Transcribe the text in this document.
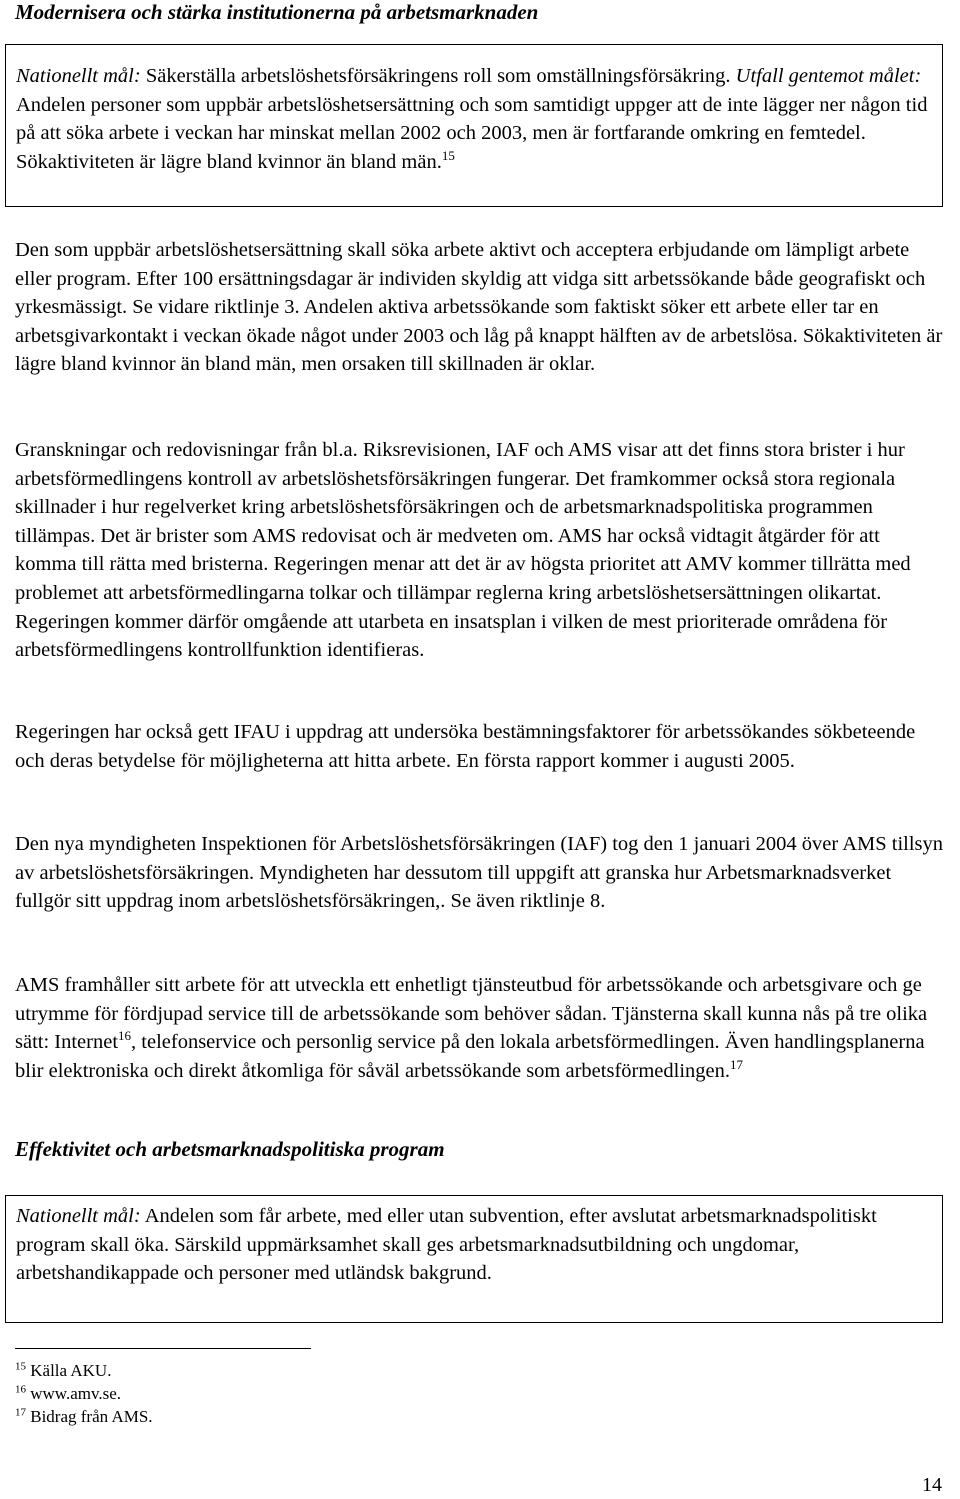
Modernisera och stärka institutionerna på arbetsmarknaden

Nationellt mål: Säkerställa arbetslöshetsförsäkringens roll som omställningsförsäkring. Utfall gentemot målet: Andelen personer som uppbär arbetslöshetsersättning och som samtidigt uppger att de inte lägger ner någon tid på att söka arbete i veckan har minskat mellan 2002 och 2003, men är fortfarande omkring en femtedel. Sökaktiviteten är lägre bland kvinnor än bland män.$^{15}$

Den som uppbär arbetslöshetsersättning skall söka arbete aktivt och acceptera erbjudande om lämpligt arbete eller program. Efter 100 ersättningsdagar är individen skyldig att vidga sitt arbetssökande både geografiskt och yrkesmässigt. Se vidare riktlinje 3. Andelen aktiva arbetssökande som faktiskt söker ett arbete eller tar en arbetsgivarkontakt i veckan ökade något under 2003 och låg på knappt hälften av de arbetslösa. Sökaktiviteten är lägre bland kvinnor än bland män, men orsaken till skillnaden är oklar.

Granskningar och redovisningar från bl.a. Riksrevisionen, IAF och AMS visar att det finns stora brister i hur arbetsförmedlingens kontroll av arbetslöshetsförsäkringen fungerar. Det framkommer också stora regionala skillnader i hur regelverket kring arbetslöshetsförsäkringen och de arbetsmarknadspolitiska programmen tillämpas. Det är brister som AMS redovisat och är medveten om. AMS har också vidtagit åtgärder för att komma till rätta med bristerna. Regeringen menar att det är av högsta prioritet att AMV kommer tillrätta med problemet att arbetsförmedlingarna tolkar och tillämpar reglerna kring arbetslöshetsersättningen olikartat. Regeringen kommer därför omgående att utarbeta en insatsplan i vilken de mest prioriterade områdena för arbetsförmedlingens kontrollfunktion identifieras.

Regeringen har också gett IFAU i uppdrag att undersöka bestämningsfaktorer för arbetssökandes sökbeteende och deras betydelse för möjligheterna att hitta arbete. En första rapport kommer i augusti 2005.

Den nya myndigheten Inspektionen för Arbetslöshetsförsäkringen (IAF) tog den 1 januari 2004 över AMS tillsyn av arbetslöshetsförsäkringen. Myndigheten har dessutom till uppgift att granska hur Arbetsmarknadsverket fullgör sitt uppdrag inom arbetslöshetsförsäkringen,. Se även riktlinje 8.

AMS framhåller sitt arbete för att utveckla ett enhetligt tjänsteutbud för arbetssökande och arbetsgivare och ge utrymme för fördjupad service till de arbetssökande som behöver sådan. Tjänsterna skall kunna nås på tre olika sätt: Internet$^{16}$, telefonservice och personlig service på den lokala arbetsförmedlingen. Även handlingsplanerna blir elektroniska och direkt åtkomliga för såväl arbetssökande som arbetsförmedlingen.$^{17}$

Effektivitet och arbetsmarknadspolitiska program

Nationellt mål: Andelen som får arbete, med eller utan subvention, efter avslutat arbetsmarknadspolitiskt program skall öka. Särskild uppmärksamhet skall ges arbetsmarknadsutbildning och ungdomar, arbetshandikappade och personer med utländsk bakgrund.

$^{15}$ Källa AKU.
$^{16}$ www.amv.se.
$^{17}$ Bidrag från AMS.
14
